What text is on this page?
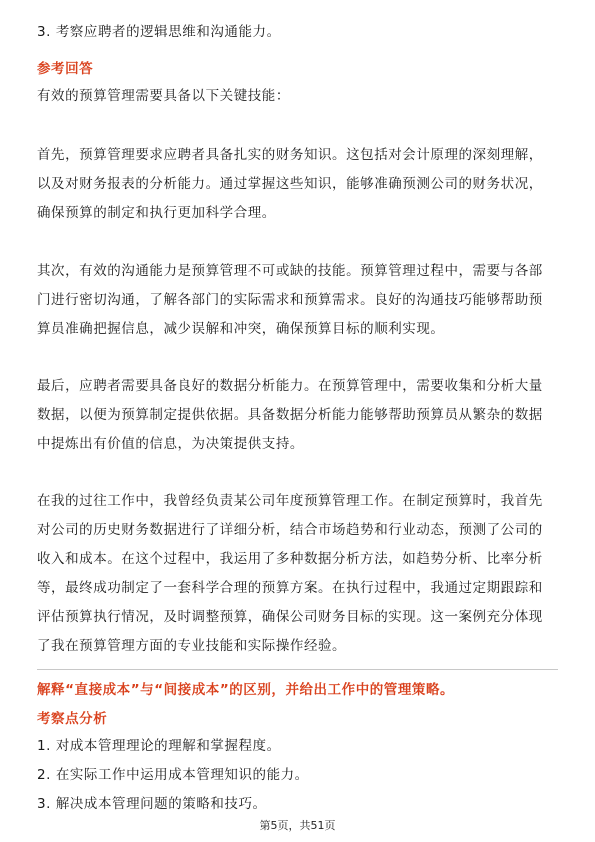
3. 考察应聘者的逻辑思维和沟通能力。
参考回答
有效的预算管理需要具备以下关键技能：
首先，预算管理要求应聘者具备扎实的财务知识。这包括对会计原理的深刻理解，
以及对财务报表的分析能力。通过掌握这些知识，能够准确预测公司的财务状况，
确保预算的制定和执行更加科学合理。
其次，有效的沟通能力是预算管理不可或缺的技能。预算管理过程中，需要与各部
门进行密切沟通，了解各部门的实际需求和预算需求。良好的沟通技巧能够帮助预
算员准确把握信息，减少误解和冲突，确保预算目标的顺利实现。
最后，应聘者需要具备良好的数据分析能力。在预算管理中，需要收集和分析大量
数据，以便为预算制定提供依据。具备数据分析能力能够帮助预算员从繁杂的数据
中提炼出有价值的信息，为决策提供支持。
在我的过往工作中，我曾经负责某公司年度预算管理工作。在制定预算时，我首先
对公司的历史财务数据进行了详细分析，结合市场趋势和行业动态，预测了公司的
收入和成本。在这个过程中，我运用了多种数据分析方法，如趋势分析、比率分析
等，最终成功制定了一套科学合理的预算方案。在执行过程中，我通过定期跟踪和
评估预算执行情况，及时调整预算，确保公司财务目标的实现。这一案例充分体现
了我在预算管理方面的专业技能和实际操作经验。
解释“直接成本”与“间接成本”的区别，并给出工作中的管理策略。
考察点分析
1. 对成本管理理论的理解和掌握程度。
2. 在实际工作中运用成本管理知识的能力。
3. 解决成本管理问题的策略和技巧。
第5页，共51页
